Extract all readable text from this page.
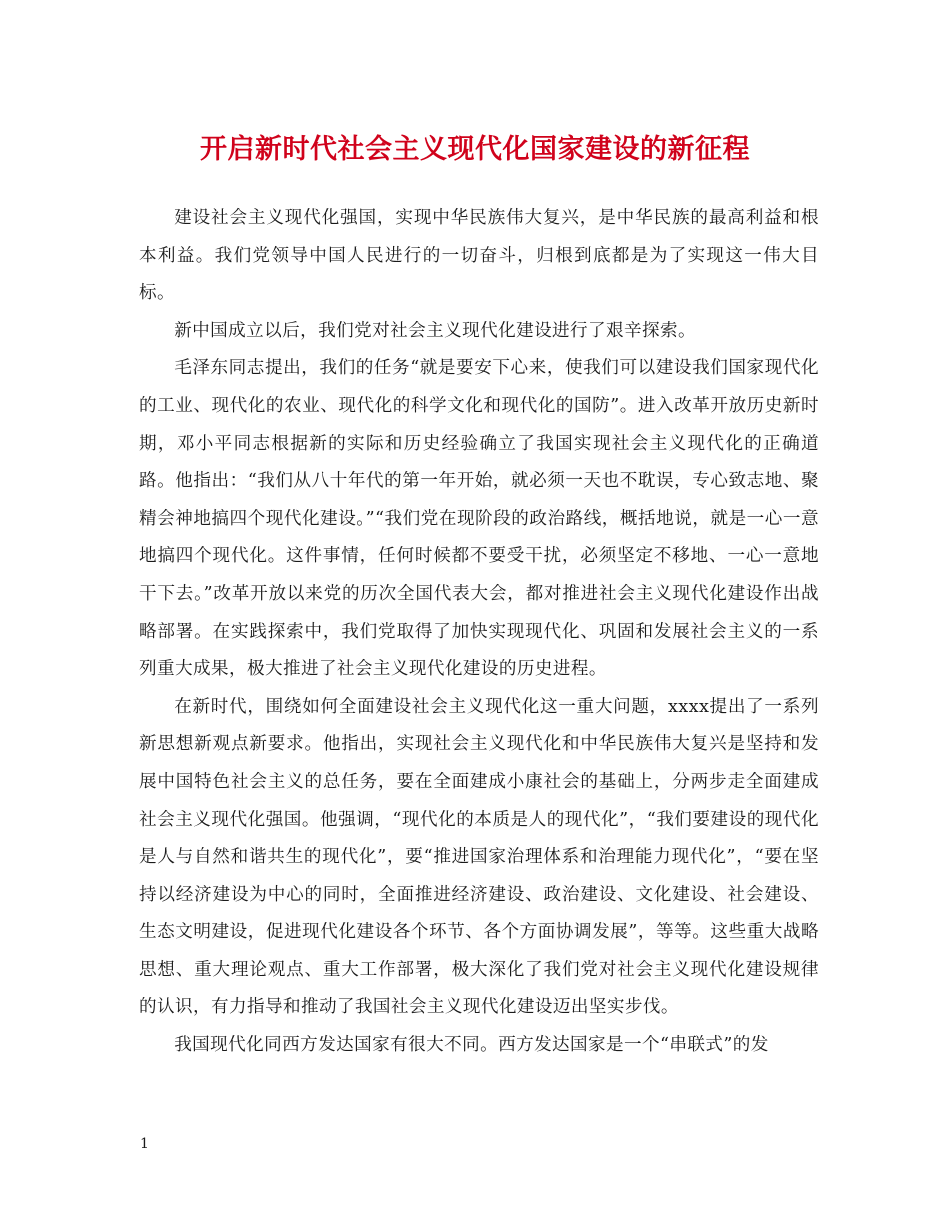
开启新时代社会主义现代化国家建设的新征程

建设社会主义现代化强国，实现中华民族伟大复兴，是中华民族的最高利益和根本利益。我们党领导中国人民进行的一切奋斗，归根到底都是为了实现这一伟大目标。

新中国成立以后，我们党对社会主义现代化建设进行了艰辛探索。

毛泽东同志提出，我们的任务“就是要安下心来，使我们可以建设我们国家现代化的工业、现代化的农业、现代化的科学文化和现代化的国防”。进入改革开放历史新时期，邓小平同志根据新的实际和历史经验确立了我国实现社会主义现代化的正确道路。他指出：“我们从八十年代的第一年开始，就必须一天也不耽误，专心致志地、聚精会神地搞四个现代化建设。”“我们党在现阶段的政治路线，概括地说，就是一心一意地搞四个现代化。这件事情，任何时候都不要受干扰，必须坚定不移地、一心一意地干下去。”改革开放以来党的历次全国代表大会，都对推进社会主义现代化建设作出战略部署。在实践探索中，我们党取得了加快实现现代化、巩固和发展社会主义的一系列重大成果，极大推进了社会主义现代化建设的历史进程。

在新时代，围绕如何全面建设社会主义现代化这一重大问题，xxxx提出了一系列新思想新观点新要求。他指出，实现社会主义现代化和中华民族伟大复兴是坚持和发展中国特色社会主义的总任务，要在全面建成小康社会的基础上，分两步走全面建成社会主义现代化强国。他强调，“现代化的本质是人的现代化”，“我们要建设的现代化是人与自然和谐共生的现代化”，要“推进国家治理体系和治理能力现代化”，“要在坚持以经济建设为中心的同时，全面推进经济建设、政治建设、文化建设、社会建设、生态文明建设，促进现代化建设各个环节、各个方面协调发展”，等等。这些重大战略思想、重大理论观点、重大工作部署，极大深化了我们党对社会主义现代化建设规律的认识，有力指导和推动了我国社会主义现代化建设迈出坚实步伐。

我国现代化同西方发达国家有很大不同。西方发达国家是一个“串联式”的发

1
